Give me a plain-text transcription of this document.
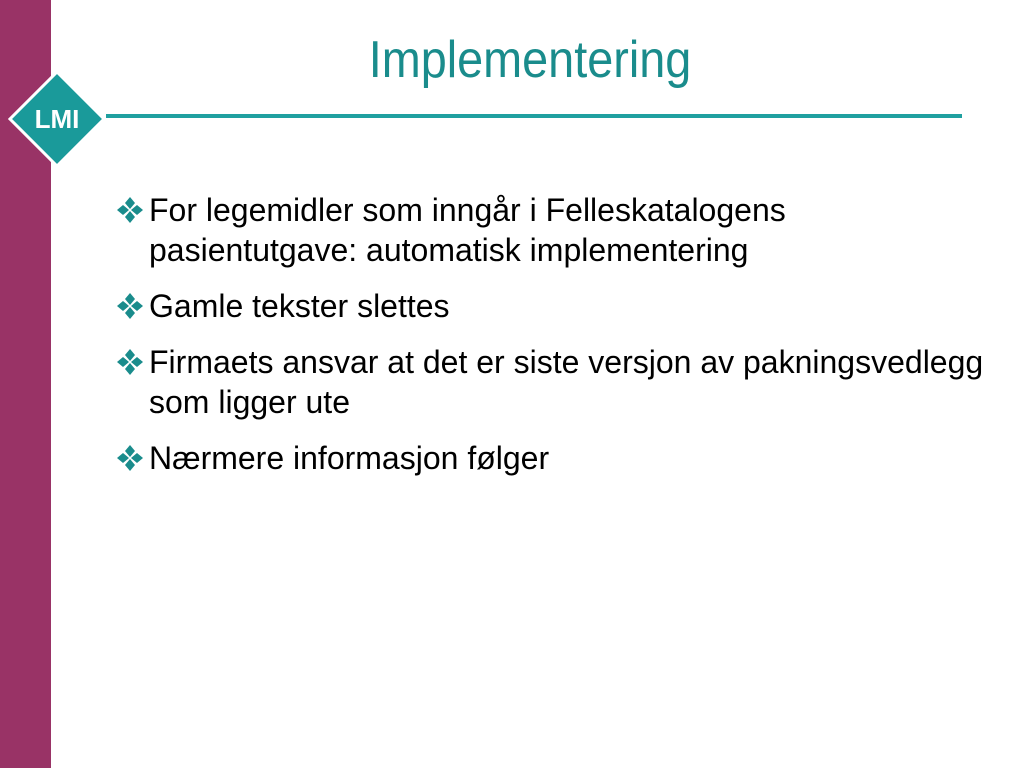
LMI
Implementering
For legemidler som inngår i Felleskatalogens pasientutgave: automatisk implementering
Gamle tekster slettes
Firmaets ansvar at det er siste versjon av pakningsvedlegg som ligger ute
Nærmere informasjon følger
